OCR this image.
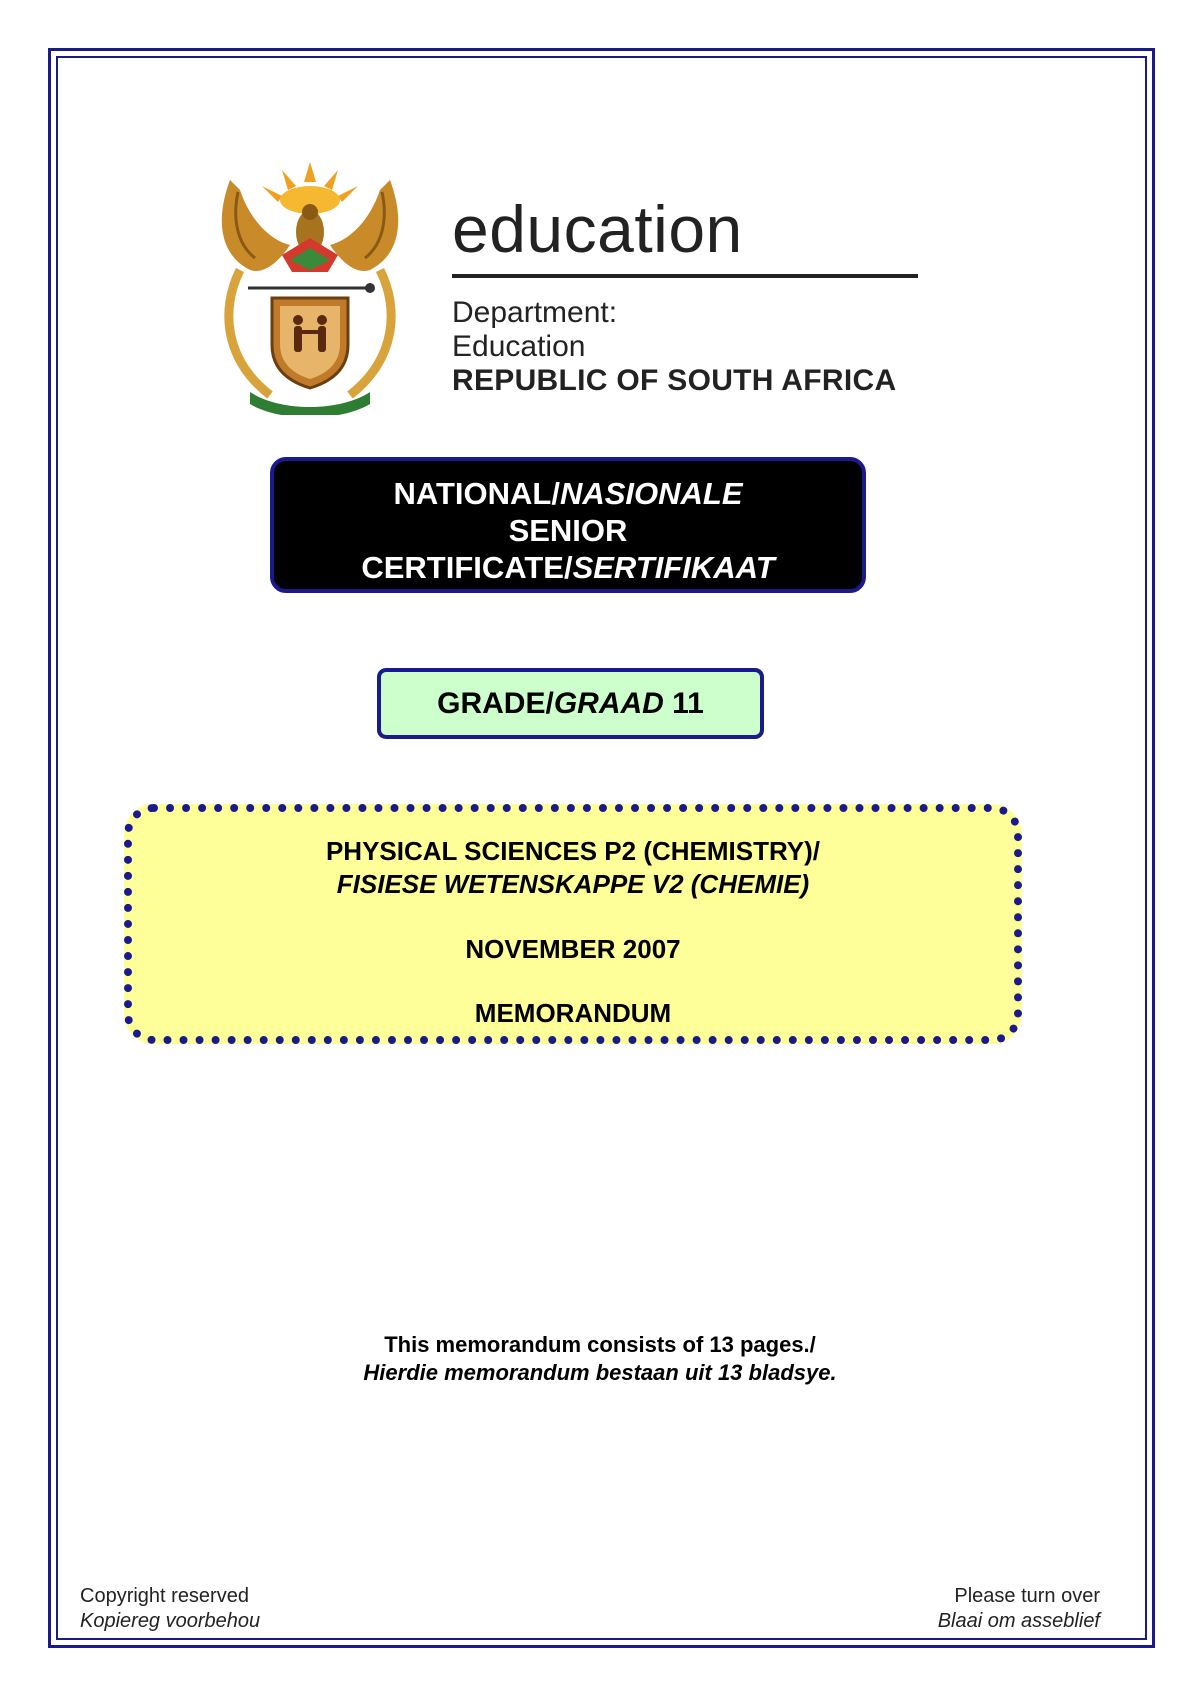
education
Department:
Education
REPUBLIC OF SOUTH AFRICA
NATIONAL/NASIONALE
SENIOR
CERTIFICATE/SERTIFIKAAT
GRADE/GRAAD 11
PHYSICAL SCIENCES P2 (CHEMISTRY)/
FISIESE WETENSKAPPE V2 (CHEMIE)
NOVEMBER 2007
MEMORANDUM
This memorandum consists of 13 pages./
Hierdie memorandum bestaan uit 13 bladsye.
Copyright reserved
Kopiereg voorbehou
Please turn over
Blaai om asseblief
